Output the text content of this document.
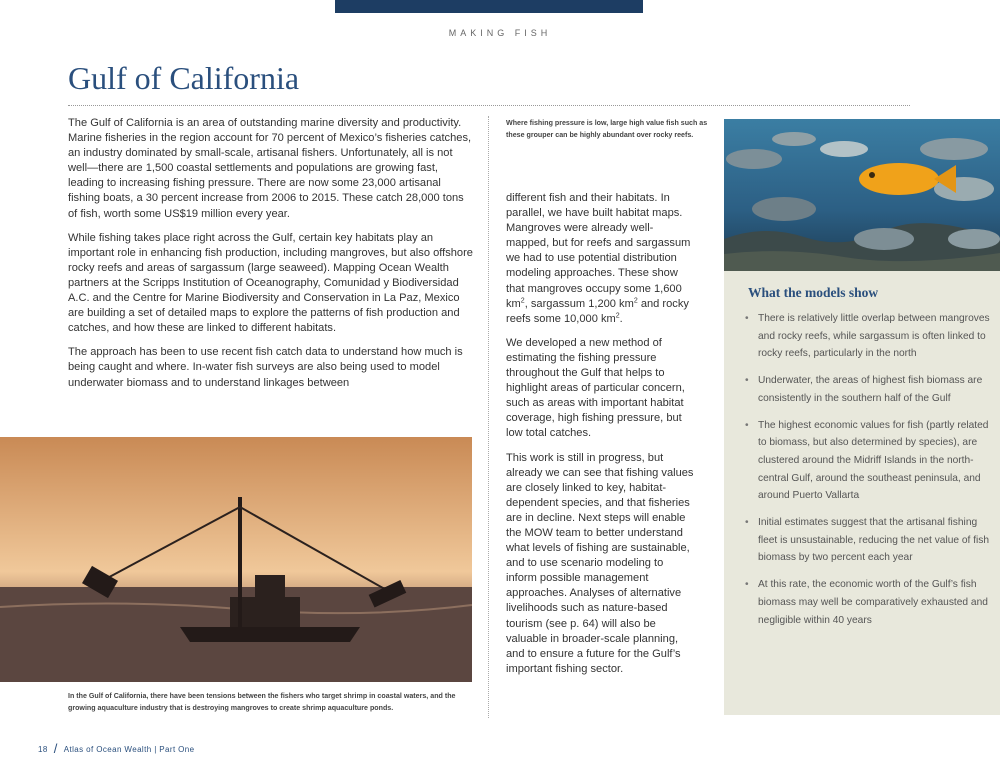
MAKING FISH
Gulf of California

The Gulf of California is an area of outstanding marine diversity and productivity. Marine fisheries in the region account for 70 percent of Mexico’s fisheries catches, an industry dominated by small-scale, artisanal fishers. Unfortunately, all is not well—there are 1,500 coastal settlements and populations are growing fast, leading to increasing fishing pressure. There are now some 23,000 artisanal fishing boats, a 30 percent increase from 2006 to 2015. These catch 28,000 tons of fish, worth some US$19 million every year.

While fishing takes place right across the Gulf, certain key habitats play an important role in enhancing fish production, including mangroves, but also offshore rocky reefs and areas of sargassum (large seaweed). Mapping Ocean Wealth partners at the Scripps Institution of Oceanography, Comunidad y Biodiversidad A.C. and the Centre for Marine Biodiversity and Conservation in La Paz, Mexico are building a set of detailed maps to explore the patterns of fish production and catches, and how these are linked to different habitats.

The approach has been to use recent fish catch data to understand how much is being caught and where. In-water fish surveys are also being used to model underwater biomass and to understand linkages between

Where fishing pressure is low, large high value fish such as these grouper can be highly abundant over rocky reefs.

different fish and their habitats. In parallel, we have built habitat maps. Mangroves were already well-mapped, but for reefs and sargassum we had to use potential distribution modeling approaches. These show that mangroves occupy some 1,600 $km^2$, sargassum 1,200 $km^2$ and rocky reefs some 10,000 $km^2$.

We developed a new method of estimating the fishing pressure throughout the Gulf that helps to highlight areas of particular concern, such as areas with important habitat coverage, high fishing pressure, but low total catches.

This work is still in progress, but already we can see that fishing values are closely linked to key, habitat-dependent species, and that fisheries are in decline. Next steps will enable the MOW team to better understand what levels of fishing are sustainable, and to use scenario modeling to inform possible management approaches. Analyses of alternative livelihoods such as nature-based tourism (see p. 64) will also be valuable in broader-scale planning, and to ensure a future for the Gulf’s important fishing sector.

What the models show
• There is relatively little overlap between mangroves and rocky reefs, while sargassum is often linked to rocky reefs, particularly in the north
• Underwater, the areas of highest fish biomass are consistently in the southern half of the Gulf
• The highest economic values for fish (partly related to biomass, but also determined by species), are clustered around the Midriff Islands in the north-central Gulf, around the southeast peninsula, and around Puerto Vallarta
• Initial estimates suggest that the artisanal fishing fleet is unsustainable, reducing the net value of fish biomass by two percent each year
• At this rate, the economic worth of the Gulf’s fish biomass may well be comparatively exhausted and negligible within 40 years
In the Gulf of California, there have been tensions between the fishers who target shrimp in coastal waters, and the growing aquaculture industry that is destroying mangroves to create shrimp aquaculture ponds.
18 / Atlas of Ocean Wealth | Part One
